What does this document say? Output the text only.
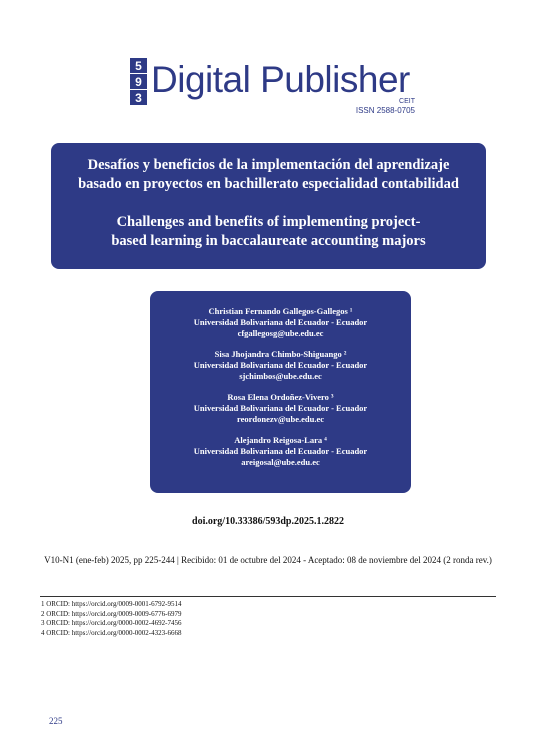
5
9
3 Digital Publisher
CEIT
ISSN 2588-0705
Desafíos y beneficios de la implementación del aprendizaje
basado en proyectos en bachillerato especialidad contabilidad
Challenges and benefits of implementing project-
based learning in baccalaureate accounting majors
Christian Fernando Gallegos-Gallegos ¹
Universidad Bolivariana del Ecuador - Ecuador
cfgallegosg@ube.edu.ec
Sisa Jhojandra Chimbo-Shiguango ²
Universidad Bolivariana del Ecuador - Ecuador
sjchimbos@ube.edu.ec
Rosa Elena Ordoñez-Vivero ³
Universidad Bolivariana del Ecuador - Ecuador
reordonezv@ube.edu.ec
Alejandro Reigosa-Lara ⁴
Universidad Bolivariana del Ecuador - Ecuador
areigosal@ube.edu.ec
doi.org/10.33386/593dp.2025.1.2822
V10-N1 (ene-feb) 2025, pp 225-244 | Recibido: 01 de octubre del 2024 - Aceptado: 08 de noviembre del 2024 (2 ronda rev.)
1 ORCID: https://orcid.org/0009-0001-6792-9514
2 ORCID: https://orcid.org/0009-0009-6776-6979
3 ORCID: https://orcid.org/0000-0002-4692-7456
4 ORCID: https://orcid.org/0000-0002-4323-6668
225
